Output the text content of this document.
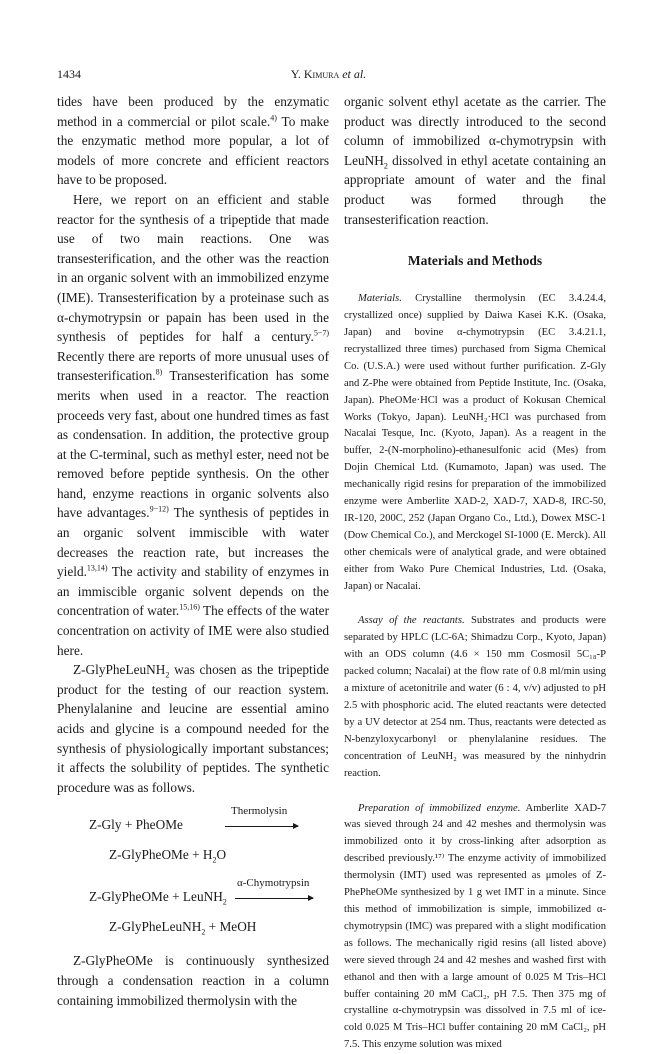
1434	Y. Kimura et al.

tides have been produced by the enzymatic method in a commercial or pilot scale.$^{4)}$ To make the enzymatic method more popular, a lot of models of more concrete and efficient reactors have to be proposed.

Here, we report on an efficient and stable reactor for the synthesis of a tripeptide that made use of two main reactions. One was transesterification, and the other was the reaction in an organic solvent with an immobilized enzyme (IME). Transesterification by a proteinase such as α-chymotrypsin or papain has been used in the synthesis of peptides for half a century.$^{5-7)}$ Recently there are reports of more unusual uses of transesterification.$^{8)}$ Transesterification has some merits when used in a reactor. The reaction proceeds very fast, about one hundred times as fast as condensation. In addition, the protective group at the C-terminal, such as methyl ester, need not be removed before peptide synthesis. On the other hand, enzyme reactions in organic solvents also have advantages.$^{9-12)}$ The synthesis of peptides in an organic solvent immiscible with water decreases the reaction rate, but increases the yield.$^{13,14)}$ The activity and stability of enzymes in an immiscible organic solvent depends on the concentration of water.$^{15,16)}$ The effects of the water concentration on activity of IME were also studied here.

Z-GlyPheLeuNH$_2$ was chosen as the tripeptide product for the testing of our reaction system. Phenylalanine and leucine are essential amino acids and glycine is a compound needed for the synthesis of physiologically important substances; it affects the solubility of peptides. The synthetic procedure was as follows.

Z-Gly + PheOMe
Thermolysin
Z-GlyPheOMe + $H_2O$
Z-GlyPheOMe + LeuNH$_2$
α-Chymotrypsin
Z-GlyPheLeuNH$_2$ + MeOH

Z-GlyPheOMe is continuously synthesized through a condensation reaction in a column containing immobilized thermolysin with the

organic solvent ethyl acetate as the carrier. The product was directly introduced to the second column of immobilized α-chymotrypsin with LeuNH$_2$ dissolved in ethyl acetate containing an appropriate amount of water and the final product was formed through the transesterification reaction.

Materials and Methods

Materials. Crystalline thermolysin (EC 3.4.24.4, crystallized once) supplied by Daiwa Kasei K.K. (Osaka, Japan) and bovine α-chymotrypsin (EC 3.4.21.1, recrystallized three times) purchased from Sigma Chemical Co. (U.S.A.) were used without further purification. Z-Gly and Z-Phe were obtained from Peptide Institute, Inc. (Osaka, Japan). PheOMe·HCl was a product of Kokusan Chemical Works (Tokyo, Japan). LeuNH₂·HCl was purchased from Nacalai Tesque, Inc. (Kyoto, Japan). As a reagent in the buffer, 2-(N-morpholino)-ethanesulfonic acid (Mes) from Dojin Chemical Ltd. (Kumamoto, Japan) was used. The mechanically rigid resins for preparation of the immobilized enzyme were Amberlite XAD-2, XAD-7, XAD-8, IRC-50, IR-120, 200C, 252 (Japan Organo Co., Ltd.), Dowex MSC-1 (Dow Chemical Co.), and Merckogel SI-1000 (E. Merck). All other chemicals were of analytical grade, and were obtained either from Wako Pure Chemical Industries, Ltd. (Osaka, Japan) or Nacalai.

Assay of the reactants. Substrates and products were separated by HPLC (LC-6A; Shimadzu Corp., Kyoto, Japan) with an ODS column (4.6 × 150 mm Cosmosil 5C₁₈-P packed column; Nacalai) at the flow rate of 0.8 ml/min using a mixture of acetonitrile and water (6 : 4, v/v) adjusted to pH 2.5 with phosphoric acid. The eluted reactants were detected by a UV detector at 254 nm. Thus, reactants were detected as N-benzyloxycarbonyl or phenylalanine residues. The concentration of LeuNH₂ was measured by the ninhydrin reaction.

Preparation of immobilized enzyme. Amberlite XAD-7 was sieved through 24 and 42 meshes and thermolysin was immobilized onto it by cross-linking after adsorption as described previously.¹⁷⁾ The enzyme activity of immobilized thermolysin (IMT) used was represented as μmoles of Z-PhePheOMe synthesized by 1 g wet IMT in a minute. Since this method of immobilization is simple, immobilized α-chymotrypsin (IMC) was prepared with a slight modification as follows. The mechanically rigid resins (all listed above) were sieved through 24 and 42 meshes and washed first with ethanol and then with a large amount of 0.025 M Tris–HCl buffer containing 20 mM CaCl₂, pH 7.5. Then 375 mg of crystalline α-chymotrypsin was dissolved in 7.5 ml of ice-cold 0.025 M Tris–HCl buffer containing 20 mM CaCl₂, pH 7.5. This enzyme solution was mixed
